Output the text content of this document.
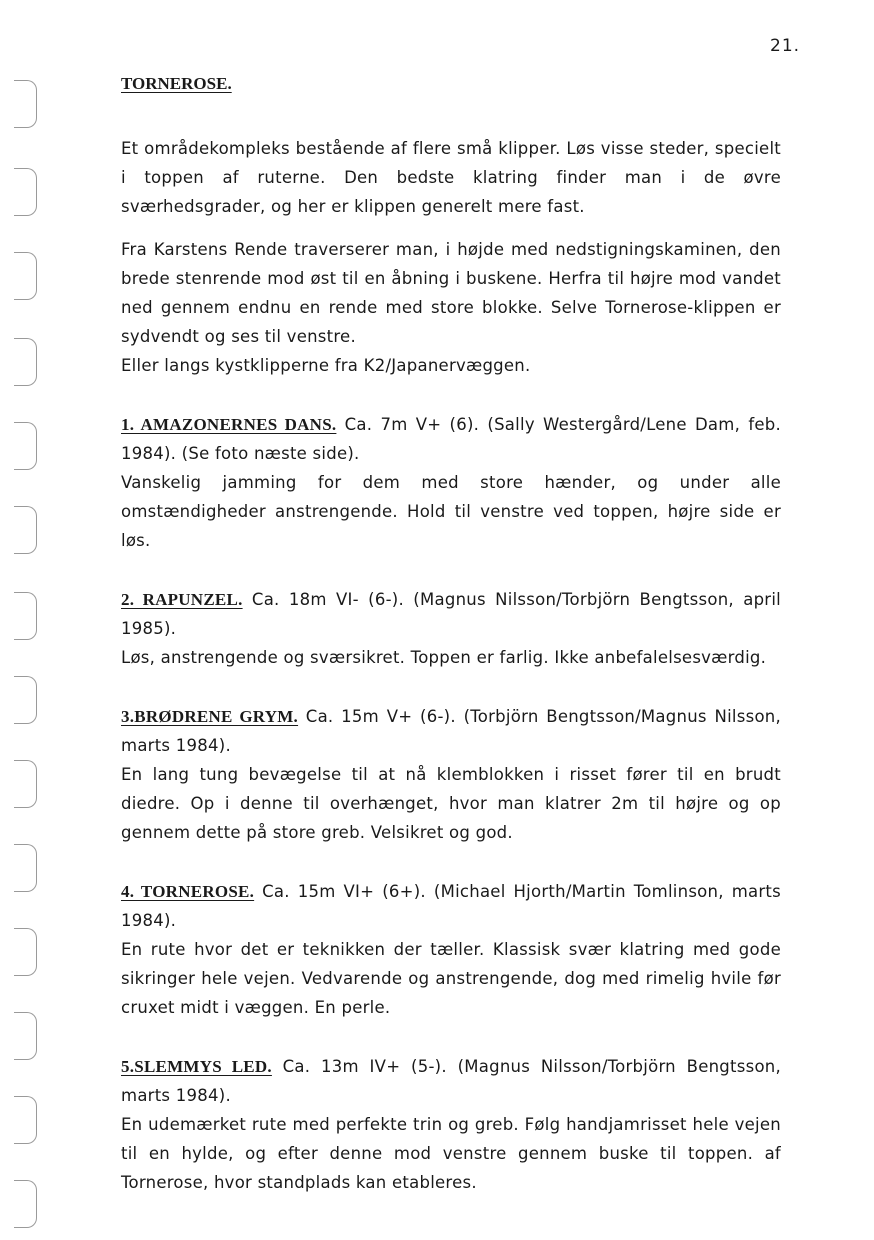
21.
TORNEROSE.

Et områdekompleks bestående af flere små klipper. Løs visse steder, specielt i toppen af ruterne. Den bedste klatring finder man i de øvre sværhedsgrader, og her er klippen generelt mere fast.

Fra Karstens Rende traverserer man, i højde med nedstigningskaminen, den brede stenrende mod øst til en åbning i buskene. Herfra til højre mod vandet ned gennem endnu en rende med store blokke. Selve Tornerose-klippen er sydvendt og ses til venstre.

Eller langs kystklipperne fra K2/Japanervæggen.

1. AMAZONERNES DANS. Ca. 7m V+ (6). (Sally Westergård/Lene Dam, feb. 1984). (Se foto næste side).

Vanskelig jamming for dem med store hænder, og under alle omstændigheder anstrengende. Hold til venstre ved toppen, højre side er løs.

2. RAPUNZEL. Ca. 18m VI- (6-). (Magnus Nilsson/Torbjörn Bengtsson, april 1985).

Løs, anstrengende og sværsikret. Toppen er farlig. Ikke anbefalelsesværdig.

3.BRØDRENE GRYM. Ca. 15m V+ (6-). (Torbjörn Bengtsson/Magnus Nilsson, marts 1984).

En lang tung bevægelse til at nå klemblokken i risset fører til en brudt diedre. Op i denne til overhænget, hvor man klatrer 2m til højre og op gennem dette på store greb. Velsikret og god.

4. TORNEROSE. Ca. 15m VI+ (6+). (Michael Hjorth/Martin Tomlinson, marts 1984).

En rute hvor det er teknikken der tæller. Klassisk svær klatring med gode sikringer hele vejen. Vedvarende og anstrengende, dog med rimelig hvile før cruxet midt i væggen. En perle.

5.SLEMMYS LED. Ca. 13m IV+ (5-). (Magnus Nilsson/Torbjörn Bengtsson, marts 1984).

En udemærket rute med perfekte trin og greb. Følg handjamrisset hele vejen til en hylde, og efter denne mod venstre gennem buske til toppen. af Tornerose, hvor standplads kan etableres.
